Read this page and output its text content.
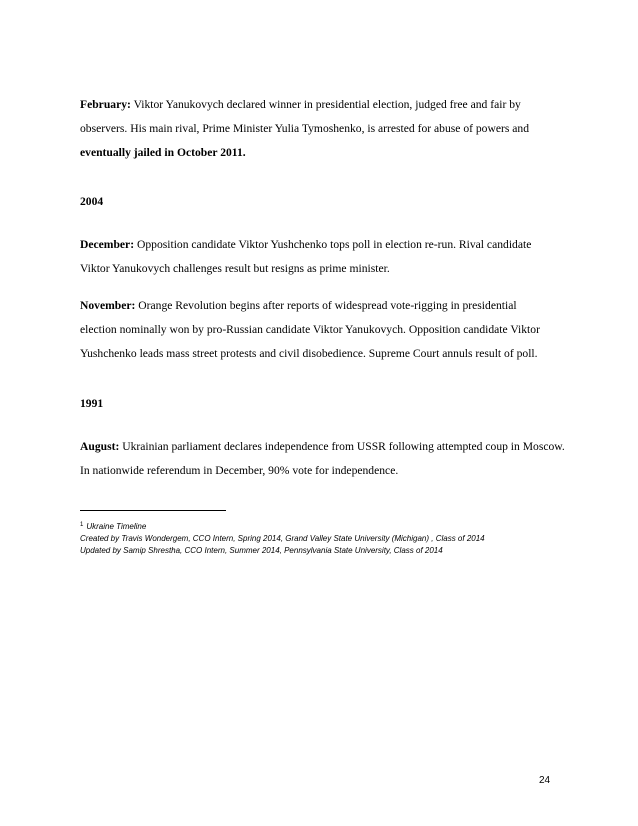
February: Viktor Yanukovych declared winner in presidential election, judged free and fair by
observers. His main rival, Prime Minister Yulia Tymoshenko, is arrested for abuse of powers and
eventually jailed in October 2011.
2004
December: Opposition candidate Viktor Yushchenko tops poll in election re-run. Rival candidate
Viktor Yanukovych challenges result but resigns as prime minister.
November: Orange Revolution begins after reports of widespread vote-rigging in presidential
election nominally won by pro-Russian candidate Viktor Yanukovych. Opposition candidate Viktor
Yushchenko leads mass street protests and civil disobedience. Supreme Court annuls result of poll.
1991
August: Ukrainian parliament declares independence from USSR following attempted coup in Moscow.
In nationwide referendum in December, 90% vote for independence.
$^1$ Ukraine Timeline
Created by Travis Wondergem, CCO Intern, Spring 2014, Grand Valley State University (Michigan) , Class of 2014
Updated by Samip Shrestha, CCO Intern, Summer 2014, Pennsylvania State University, Class of 2014
24
